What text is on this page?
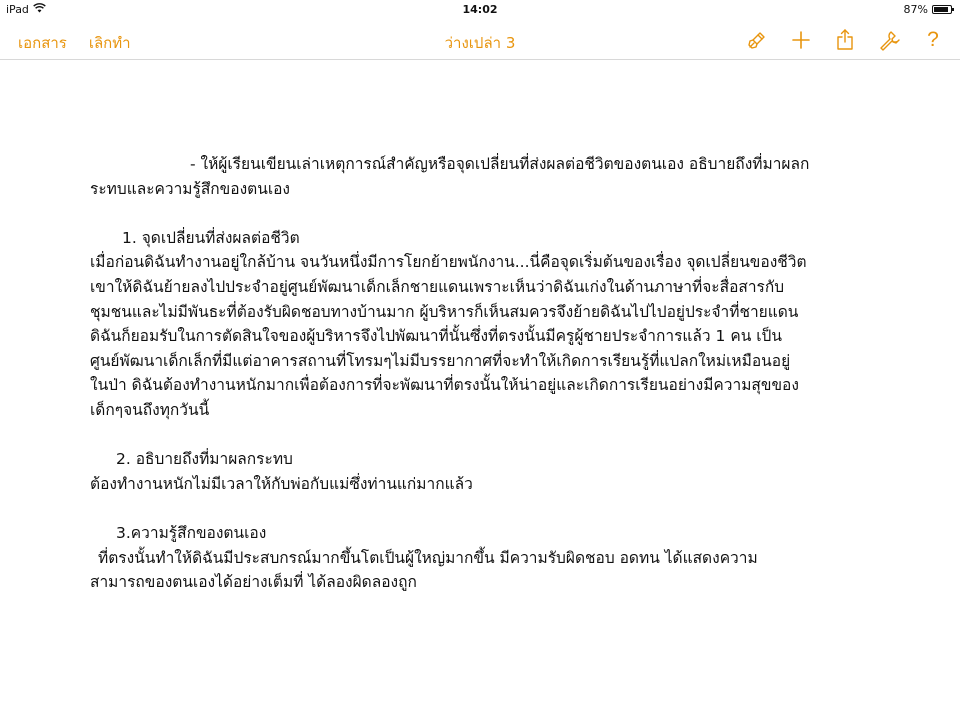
iPad	14:02	87%
เอกสาร เลิกทำ	ว่างเปล่า 3	?
- ให้ผู้เรียนเขียนเล่าเหตุการณ์สำคัญหรือจุดเปลี่ยนที่ส่งผลต่อชีวิตของตนเอง อธิบายถึงที่มาผลก
ระทบและความรู้สึกของตนเอง
1. จุดเปลี่ยนที่ส่งผลต่อชีวิต
เมื่อก่อนดิฉันทำงานอยู่ใกล้บ้าน จนวันหนึ่งมีการโยกย้ายพนักงาน...นี่คือจุดเริ่มต้นของเรื่อง จุดเปลี่ยนของชีวิต
เขาให้ดิฉันย้ายลงไปประจำอยู่ศูนย์พัฒนาเด็กเล็กชายแดนเพราะเห็นว่าดิฉันเก่งในด้านภาษาที่จะสื่อสารกับ
ชุมชนและไม่มีพันธะที่ต้องรับผิดชอบทางบ้านมาก ผู้บริหารก็เห็นสมควรจึงย้ายดิฉันไปไปอยู่ประจำที่ชายแดน
ดิฉันก็ยอมรับในการตัดสินใจของผู้บริหารจึงไปพัฒนาที่นั้นซึ่งที่ตรงนั้นมีครูผู้ชายประจำการแล้ว 1 คน เป็น
ศูนย์พัฒนาเด็กเล็กที่มีแต่อาคารสถานที่โทรมๆไม่มีบรรยากาศที่จะทำให้เกิดการเรียนรู้ที่แปลกใหม่เหมือนอยู่
ในป่า ดิฉันต้องทำงานหนักมากเพื่อต้องการที่จะพัฒนาที่ตรงนั้นให้น่าอยู่และเกิดการเรียนอย่างมีความสุขของ
เด็กๆจนถึงทุกวันนี้
2. อธิบายถึงที่มาผลกระทบ
ต้องทำงานหนักไม่มีเวลาให้กับพ่อกับแม่ซึ่งท่านแก่มากแล้ว
3.ความรู้สึกของตนเอง
ที่ตรงนั้นทำให้ดิฉันมีประสบกรณ์มากขึ้นโตเป็นผู้ใหญ่มากขึ้น มีความรับผิดชอบ อดทน ได้แสดงความ
สามารถของตนเองได้อย่างเต็มที่ ได้ลองผิดลองถูก
